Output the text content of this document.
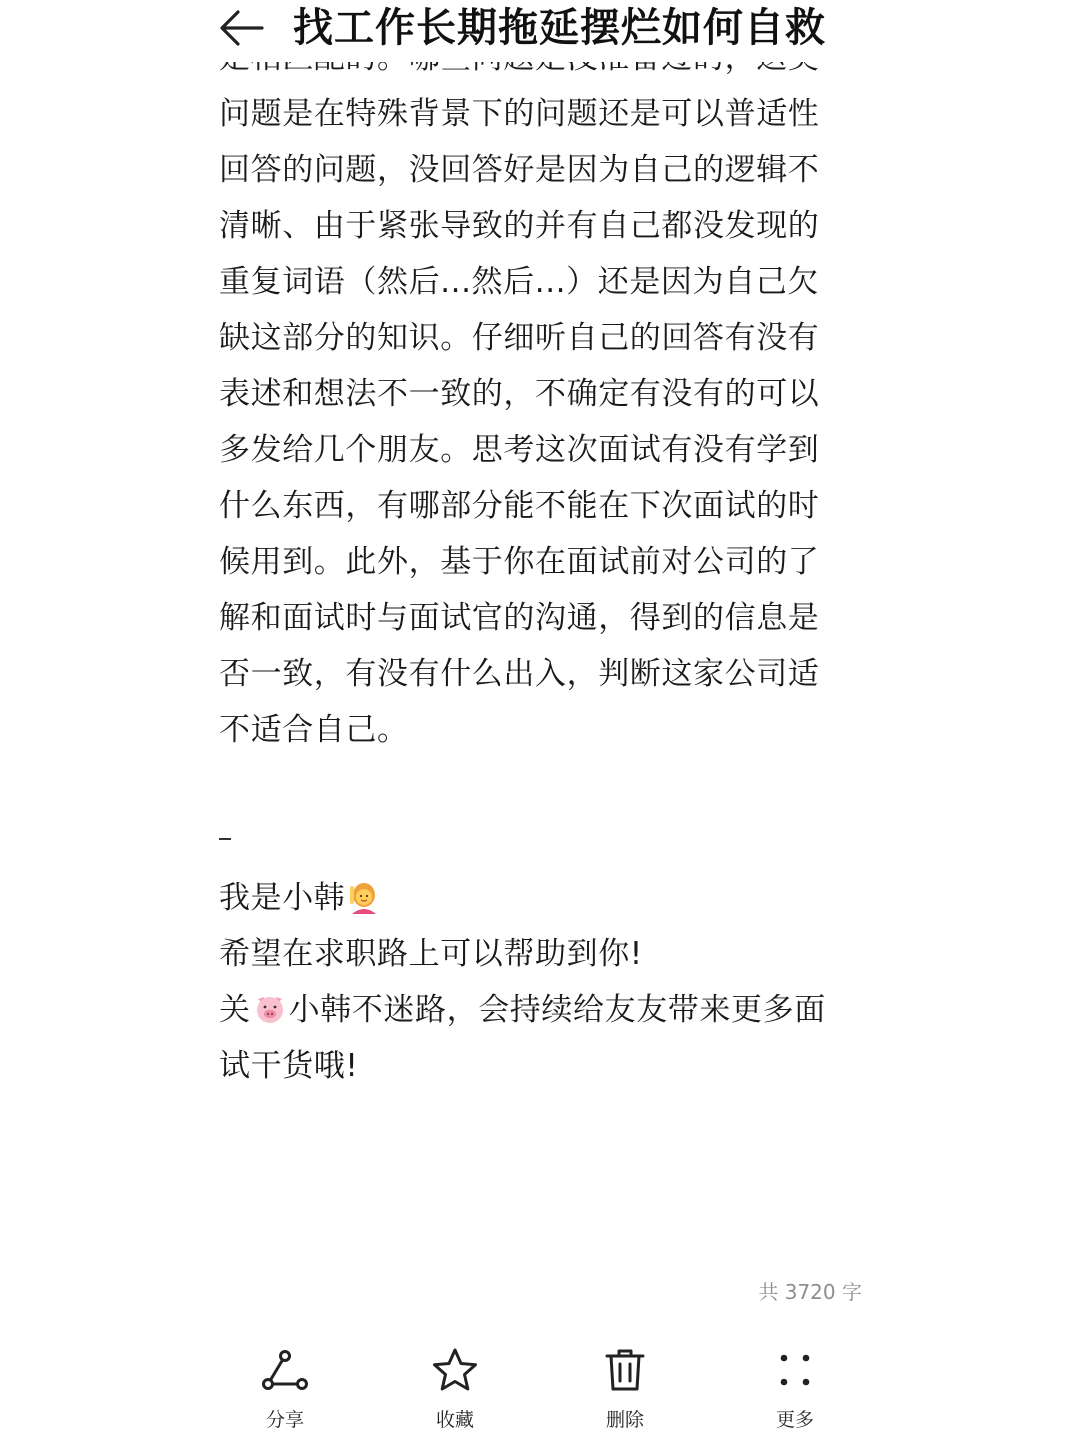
找工作长期拖延摆烂如何自救
问题是在特殊背景下的问题还是可以普适性
回答的问题，没回答好是因为自己的逻辑不
清晰、由于紧张导致的并有自己都没发现的
重复词语（然后...然后...）还是因为自己欠
缺这部分的知识。仔细听自己的回答有没有
表述和想法不一致的，不确定有没有的可以
多发给几个朋友。思考这次面试有没有学到
什么东西，有哪部分能不能在下次面试的时
候用到。此外，基于你在面试前对公司的了
解和面试时与面试官的沟通，得到的信息是
否一致，有没有什么出入，判断这家公司适
不适合自己。
我是小韩
希望在求职路上可以帮助到你!
关 小韩不迷路，会持续给友友带来更多面
试干货哦!
共 3720 字
分享	收藏	删除	更多
